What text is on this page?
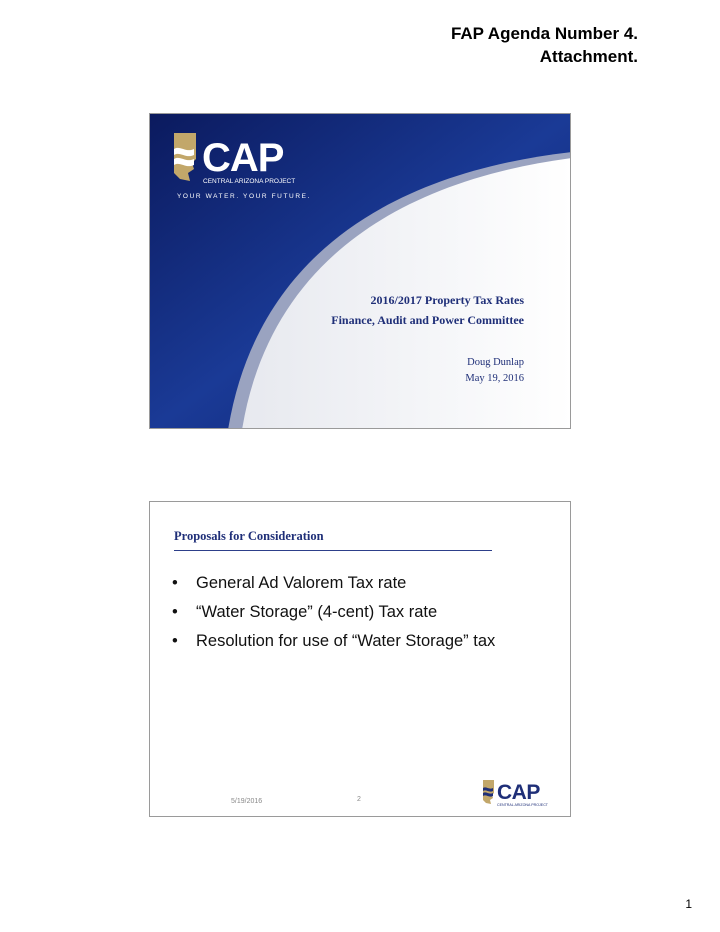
FAP Agenda Number 4.
Attachment.
CAP
CENTRAL ARIZONA PROJECT
YOUR WATER. YOUR FUTURE.
2016/2017 Property Tax Rates
Finance, Audit and Power Committee
Doug Dunlap
May 19, 2016
Proposals for Consideration
• General Ad Valorem Tax rate
• “Water Storage” (4-cent) Tax rate
• Resolution for use of “Water Storage” tax
5/19/2016	2	CAP
CENTRAL ARIZONA PROJECT
1
